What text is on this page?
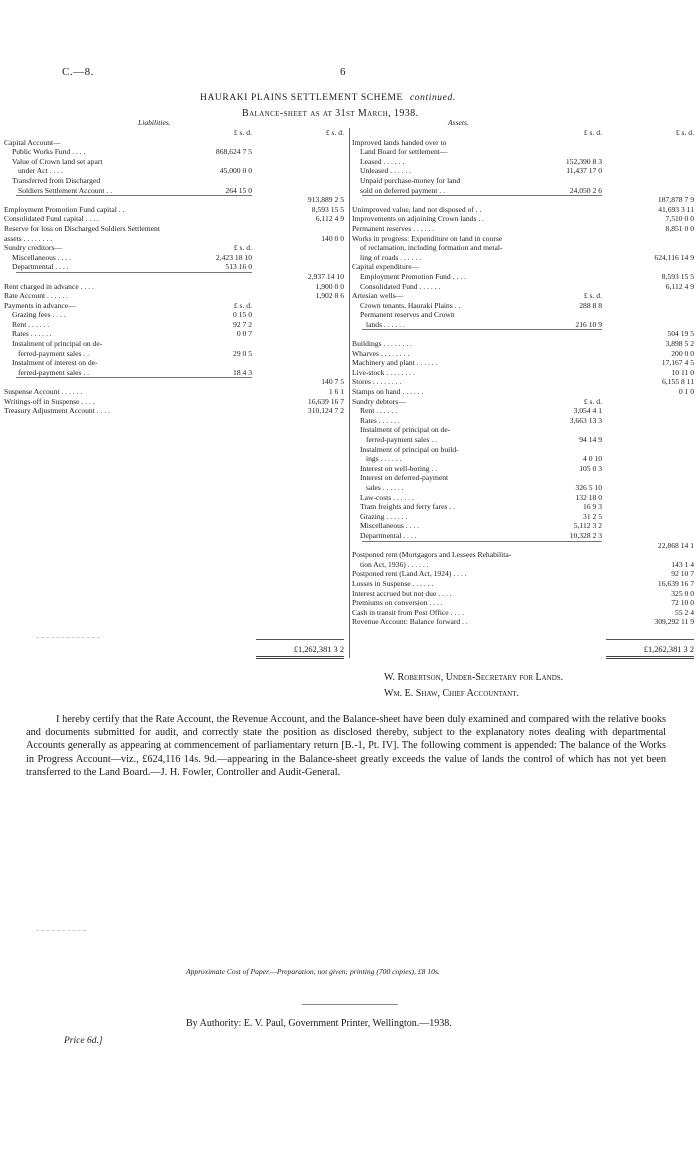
C.—8.	6
HAURAKI PLAINS SETTLEMENT SCHEME continued.
Balance-sheet as at 31st March, 1938.
Liabilities.	Assets.
£ s. d.	£ s. d.
Capital Account—
Public Works Fund . . . .	868,624 7 5
Value of Crown land set apart
under Act . . . .	45,000 0 0
Transferred from Discharged
Soldiers Settlement Account . .	264 15 0
913,889 2 5
Employment Promotion Fund capital . .	8,593 15 5
Consolidated Fund capital . . . .	6,112 4 9
Reserve for loss on Discharged Soldiers Settlement
assets . . . . . . . .	140 0 0
Sundry creditors—	£ s. d.
Miscellaneous . . . .	2,423 18 10
Departmental . . . .	513 16 0
2,937 14 10
Rent charged in advance . . . .	1,900 0 0
Rate Account . . . . . .	1,902 8 6
Payments in advance—	£ s. d.
Grazing fees . . . .	0 15 0
Rent . . . . . .	92 7 2
Rates . . . . . .	0 0 7
Instalment of principal on de-
ferred-payment sales . .	29 0 5
Instalment of interest on de-
ferred-payment sales . .	18 4 3
140 7 5
Suspense Account . . . . . .	1 6 1
Writings-off in Suspense . . . .	16,639 16 7
Treasury Adjustment Account . . . .	310,124 7 2
£ s. d.	£ s. d.
Improved lands handed over to
Land Board for settlement—
Leased . . . . . .	152,390 8 3
Unleased . . . . . .	11,437 17 0
Unpaid purchase-money for land
sold on deferred payment . .	24,050 2 6
187,878 7 9
Unimproved value, land not disposed of . .	41,693 3 11
Improvements on adjoining Crown lands . .	7,510 0 0
Permanent reserves . . . . . .	8,851 0 0
Works in progress: Expenditure on land in course
of reclamation, including formation and metal-
ling of roads . . . . . .	624,116 14 9
Capital expenditure—
Employment Promotion Fund . . . .	8,593 15 5
Consolidated Fund . . . . . .	6,112 4 9
Artesian wells—	£ s. d.
Crown tenants, Hauraki Plains . .	288 8 8
Permanent reserves and Crown
lands . . . . . .	216 10 9
504 19 5
Buildings . . . . . . . .	3,898 5 2
Wharves . . . . . . . .	200 0 0
Machinery and plant . . . . . .	17,167 4 5
Live-stock . . . . . . . .	10 11 0
Stores . . . . . . . .	6,155 8 11
Stamps on hand . . . . . .	0 1 0
Sundry debtors—	£ s. d.
Rent . . . . . .	3,054 4 1
Rates . . . . . .	3,663 13 3
Instalment of principal on de-
ferred-payment sales . .	94 14 9
Instalment of principal on build-
ings . . . . . .	4 0 10
Interest on well-boring . .	105 0 3
Interest on deferred-payment
sales . . . . . .	326 5 10
Law-costs . . . . . .	132 18 0
Tram freights and ferry fares . .	16 9 3
Grazing . . . . . .	31 2 5
Miscellaneous . . . .	5,112 3 2
Departmental . . . .	10,328 2 3
22,868 14 1
Postponed rent (Mortgagors and Lessees Rehabilita-
tion Act, 1936) . . . . . .	143 1 4
Postponed rent (Land Act, 1924) . . . .	92 10 7
Losses in Suspense . . . . . .	16,639 16 7
Interest accrued but not due . . . .	325 0 0
Premiums on conversion . . . .	72 10 0
Cash in transit from Post Office . . . .	55 2 4
Revenue Account: Balance forward . .	309,292 11 9
£1,262,381 3 2	£1,262,381 3 2
W. Robertson, Under-Secretary for Lands.
Wm. E. Shaw, Chief Accountant.
I hereby certify that the Rate Account, the Revenue Account, and the Balance-sheet have been duly examined and compared with the relative books and documents submitted for audit, and correctly state the position as disclosed thereby, subject to the explanatory notes dealing with departmental Accounts generally as appearing at commencement of parliamentary return [B.-1, Pt. IV]. The following comment is appended: The balance of the Works in Progress Account—viz., £624,116 14s. 9d.—appearing in the Balance-sheet greatly exceeds the value of lands the control of which has not yet been transferred to the Land Board.—J. H. Fowler, Controller and Audit-General.
Approximate Cost of Paper.—Preparation, not given; printing (700 copies), £8 10s.
By Authority: E. V. Paul, Government Printer, Wellington.—1938.
Price 6d.]
